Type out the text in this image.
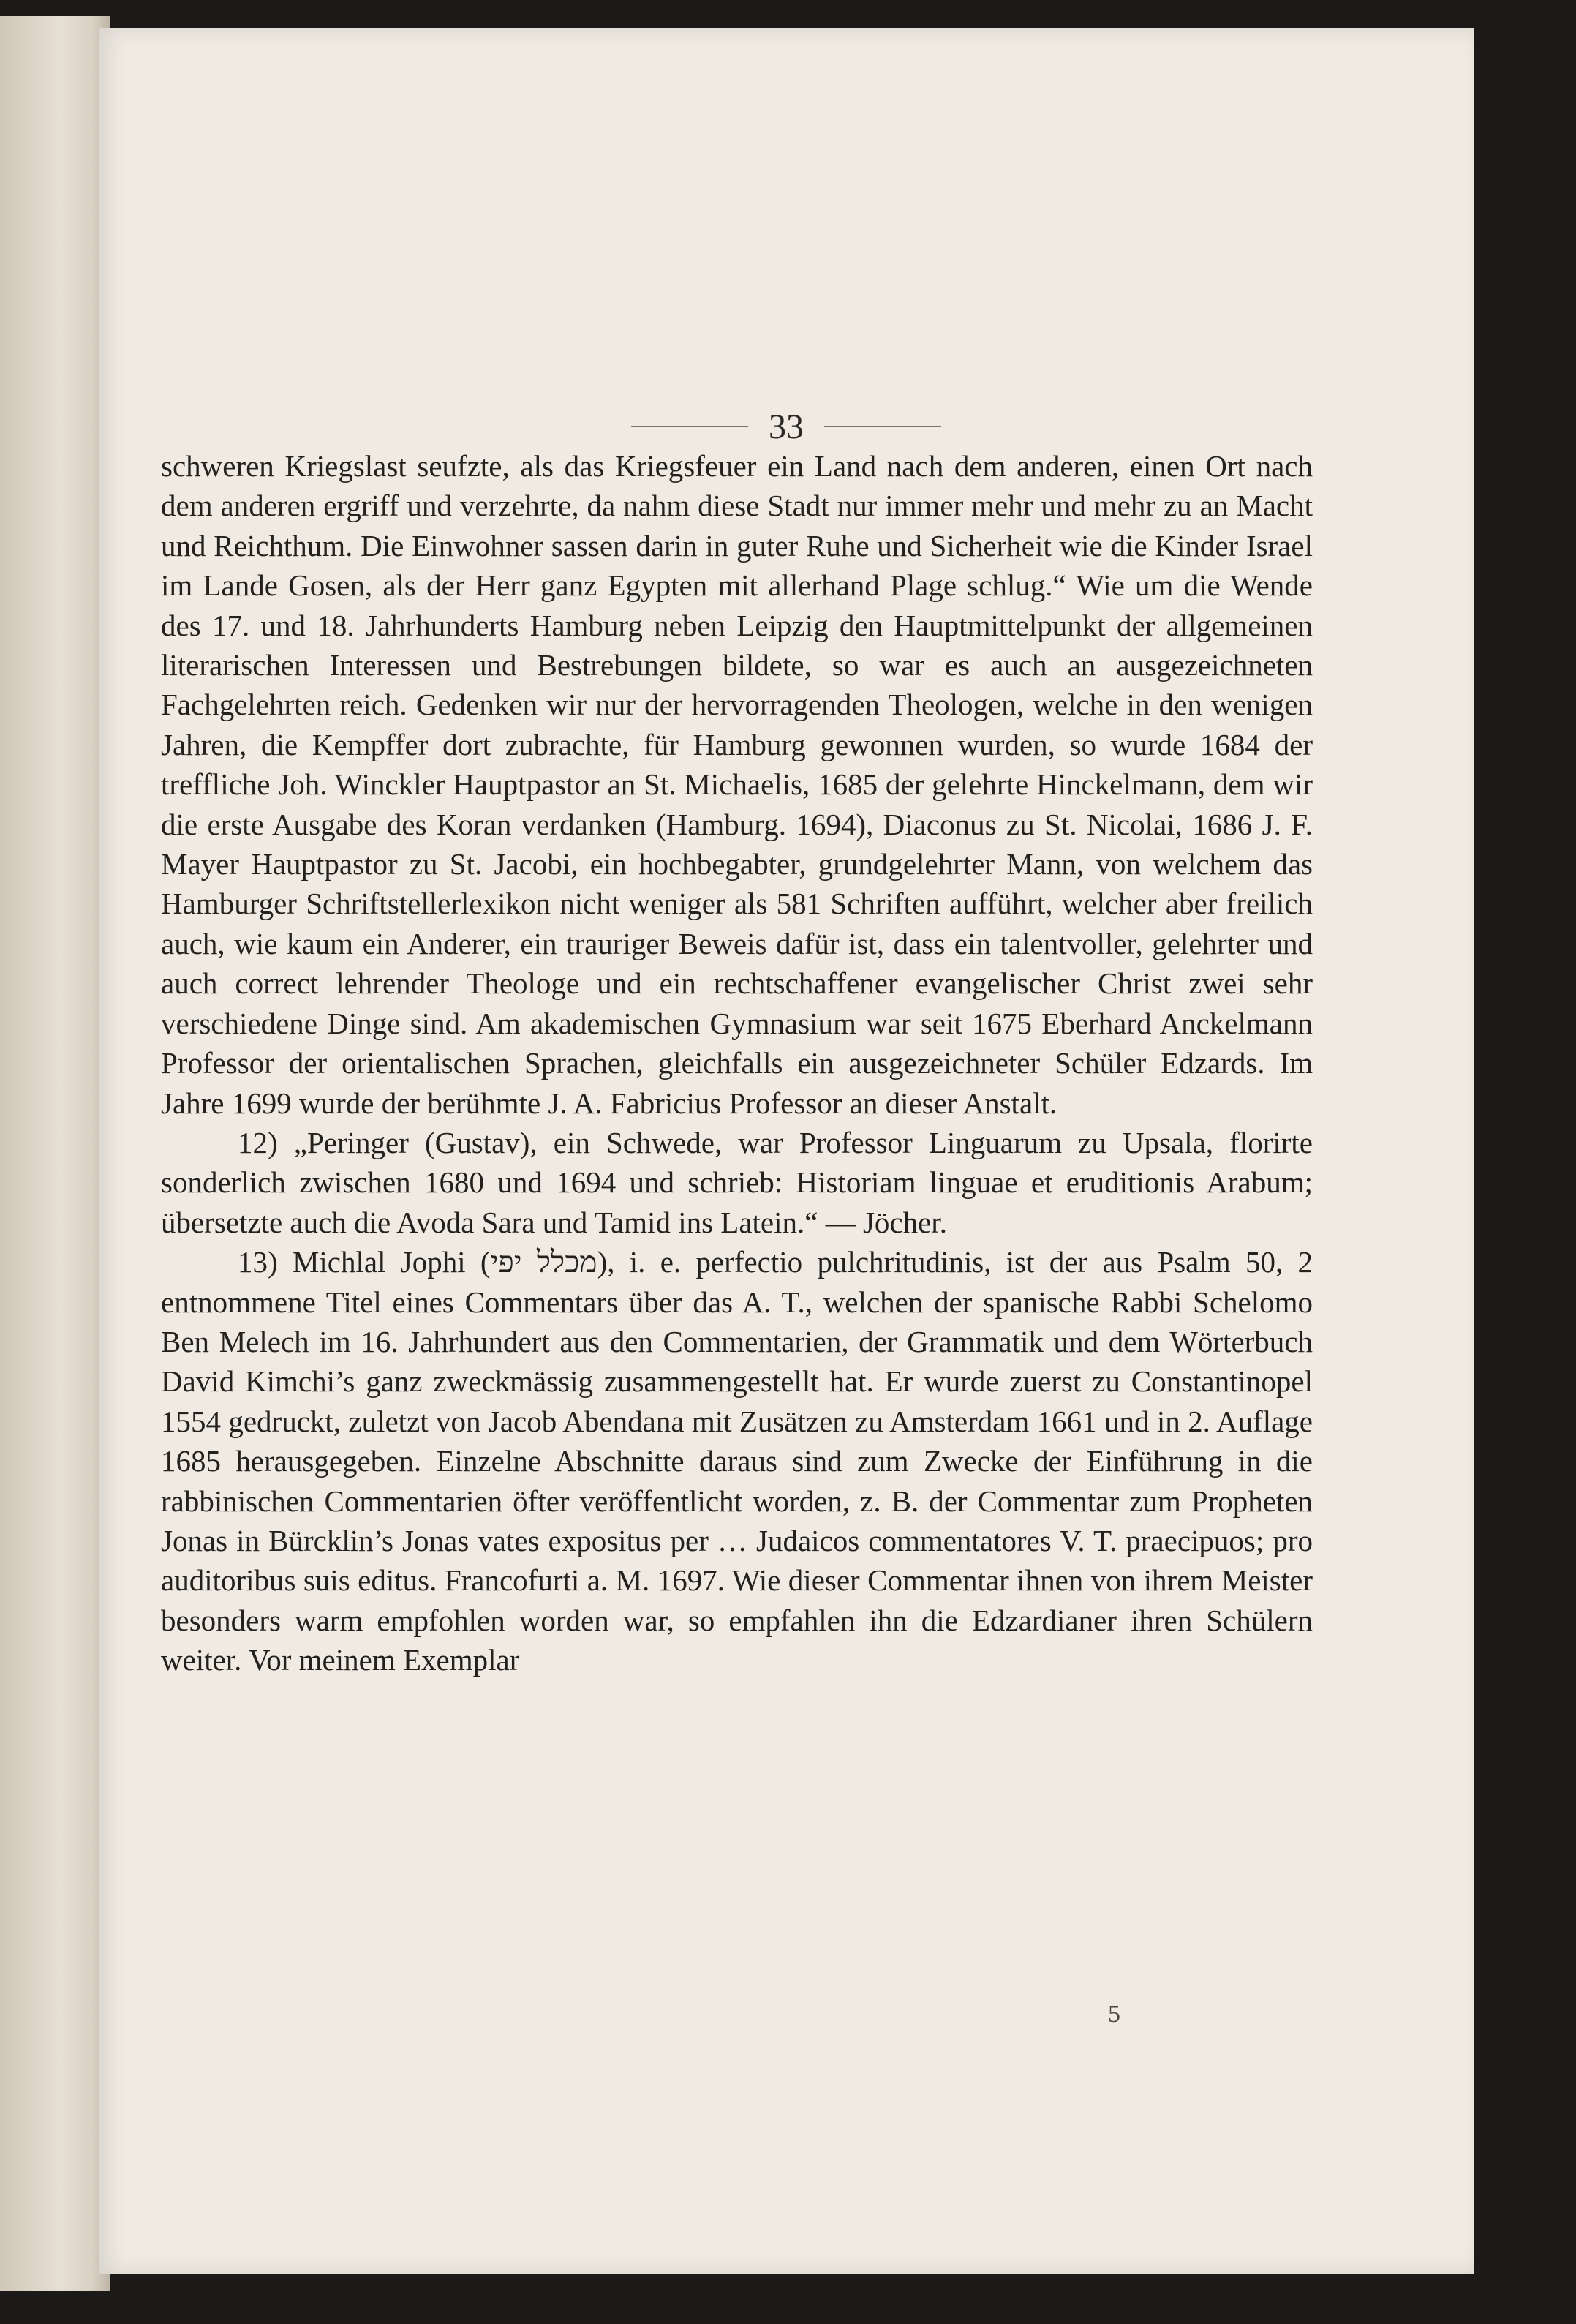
33

schweren Kriegslast seufzte, als das Kriegsfeuer ein Land nach dem anderen, einen Ort nach dem anderen ergriff und verzehrte, da nahm diese Stadt nur immer mehr und mehr zu an Macht und Reichthum. Die Einwohner sassen darin in guter Ruhe und Sicherheit wie die Kinder Israel im Lande Gosen, als der Herr ganz Egypten mit allerhand Plage schlug.“ Wie um die Wende des 17. und 18. Jahrhunderts Hamburg neben Leipzig den Hauptmittelpunkt der allgemeinen literarischen Interessen und Bestrebungen bildete, so war es auch an ausgezeichneten Fachgelehrten reich. Gedenken wir nur der hervorragenden Theologen, welche in den wenigen Jahren, die Kempffer dort zubrachte, für Hamburg gewonnen wurden, so wurde 1684 der treffliche Joh. Winckler Hauptpastor an St. Michaelis, 1685 der gelehrte Hinckelmann, dem wir die erste Ausgabe des Koran verdanken (Hamburg. 1694), Diaconus zu St. Nicolai, 1686 J. F. Mayer Hauptpastor zu St. Jacobi, ein hochbegabter, grundgelehrter Mann, von welchem das Hamburger Schriftstellerlexikon nicht weniger als 581 Schriften aufführt, welcher aber freilich auch, wie kaum ein Anderer, ein trauriger Beweis dafür ist, dass ein talentvoller, gelehrter und auch correct lehrender Theologe und ein rechtschaffener evangelischer Christ zwei sehr verschiedene Dinge sind. Am akademischen Gymnasium war seit 1675 Eberhard Anckelmann Professor der orientalischen Sprachen, gleichfalls ein ausgezeichneter Schüler Edzards. Im Jahre 1699 wurde der berühmte J. A. Fabricius Professor an dieser Anstalt.

12) „Peringer (Gustav), ein Schwede, war Professor Linguarum zu Upsala, florirte sonderlich zwischen 1680 und 1694 und schrieb: Historiam linguae et eruditionis Arabum; übersetzte auch die Avoda Sara und Tamid ins Latein.“ — Jöcher.

13) Michlal Jophi (מכלל יפי), i. e. perfectio pulchritudinis, ist der aus Psalm 50, 2 entnommene Titel eines Commentars über das A. T., welchen der spanische Rabbi Schelomo Ben Melech im 16. Jahrhundert aus den Commentarien, der Grammatik und dem Wörterbuch David Kimchi’s ganz zweckmässig zusammengestellt hat. Er wurde zuerst zu Constantinopel 1554 gedruckt, zuletzt von Jacob Abendana mit Zusätzen zu Amsterdam 1661 und in 2. Auflage 1685 herausgegeben. Einzelne Abschnitte daraus sind zum Zwecke der Einführung in die rabbinischen Commentarien öfter veröffentlicht worden, z. B. der Commentar zum Propheten Jonas in Bürcklin’s Jonas vates expositus per … Judaicos commentatores V. T. praecipuos; pro auditoribus suis editus. Francofurti a. M. 1697. Wie dieser Commentar ihnen von ihrem Meister besonders warm empfohlen worden war, so empfahlen ihn die Edzardianer ihren Schülern weiter. Vor meinem Exemplar

5
